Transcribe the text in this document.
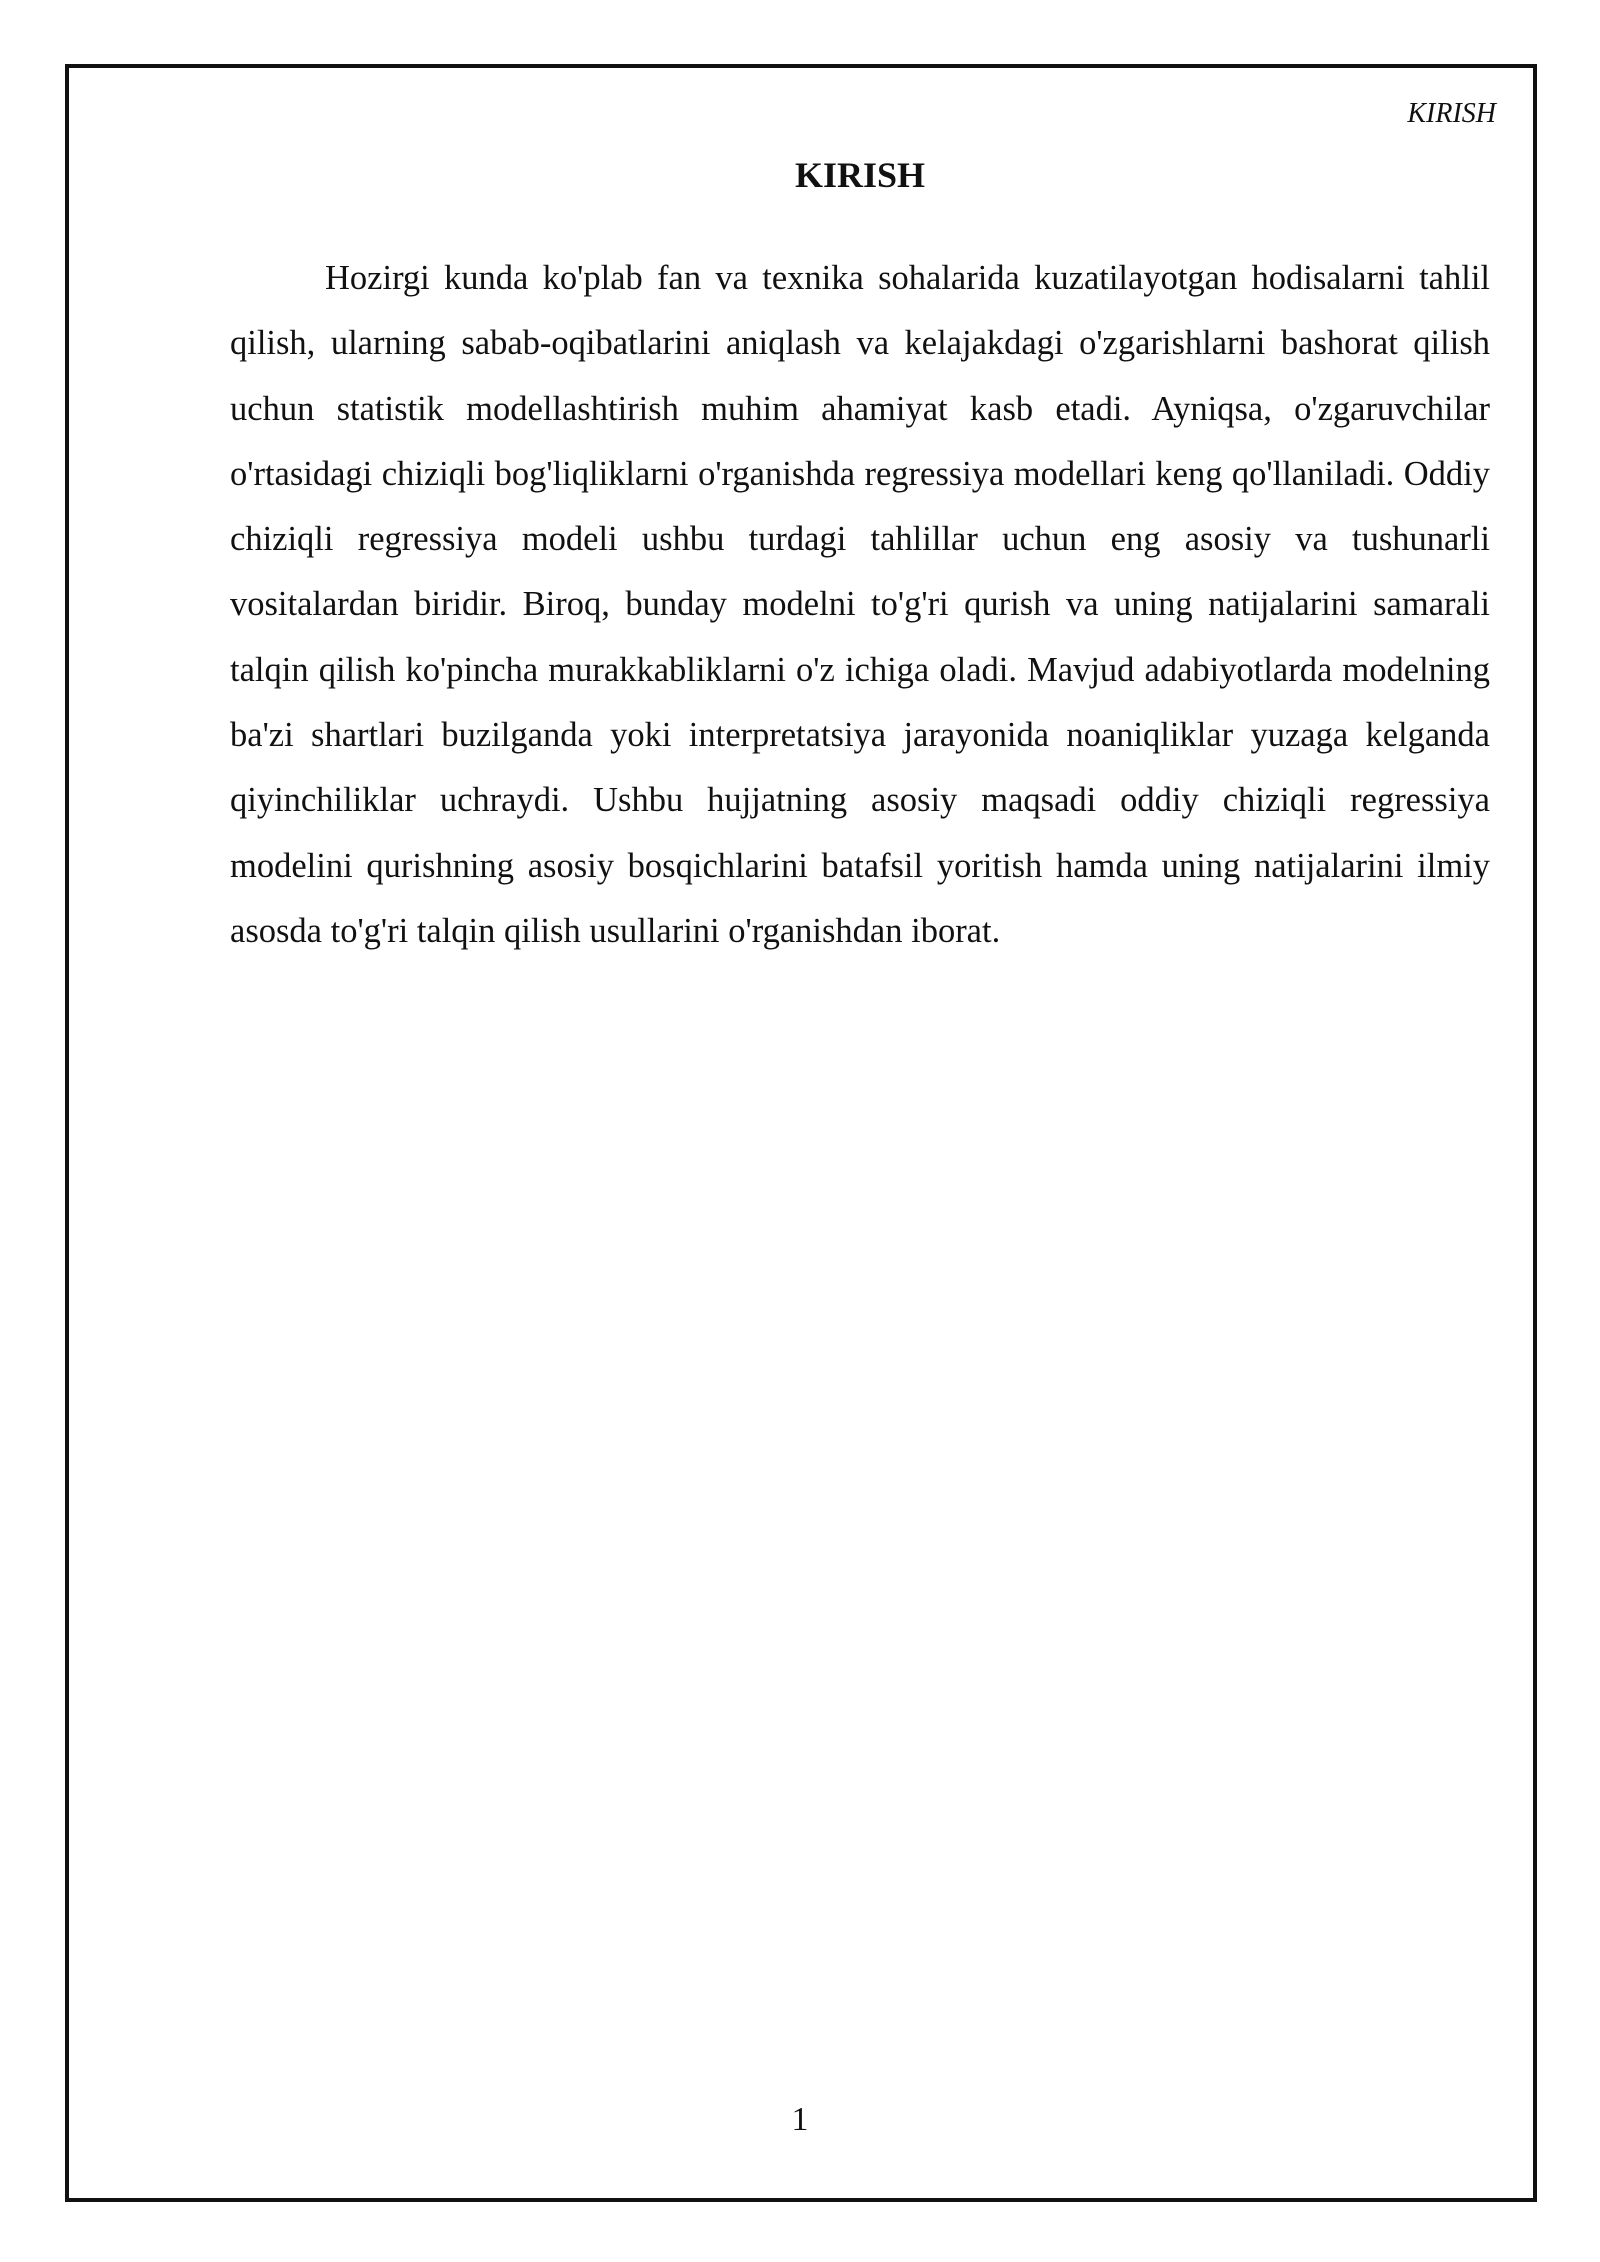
KIRISH

KIRISH

Hozirgi kunda ko'plab fan va texnika sohalarida kuzatilayotgan hodisalarni tahlil qilish, ularning sabab-oqibatlarini aniqlash va kelajakdagi o'zgarishlarni bashorat qilish uchun statistik modellashtirish muhim ahamiyat kasb etadi. Ayniqsa, o'zgaruvchilar o'rtasidagi chiziqli bog'liqliklarni o'rganishda regressiya modellari keng qo'llaniladi. Oddiy chiziqli regressiya modeli ushbu turdagi tahlillar uchun eng asosiy va tushunarli vositalardan biridir. Biroq, bunday modelni to'g'ri qurish va uning natijalarini samarali talqin qilish ko'pincha murakkabliklarni o'z ichiga oladi. Mavjud adabiyotlarda modelning ba'zi shartlari buzilganda yoki interpretatsiya jarayonida noaniqliklar yuzaga kelganda qiyinchiliklar uchraydi. Ushbu hujjatning asosiy maqsadi oddiy chiziqli regressiya modelini qurishning asosiy bosqichlarini batafsil yoritish hamda uning natijalarini ilmiy asosda to'g'ri talqin qilish usullarini o'rganishdan iborat.

1
